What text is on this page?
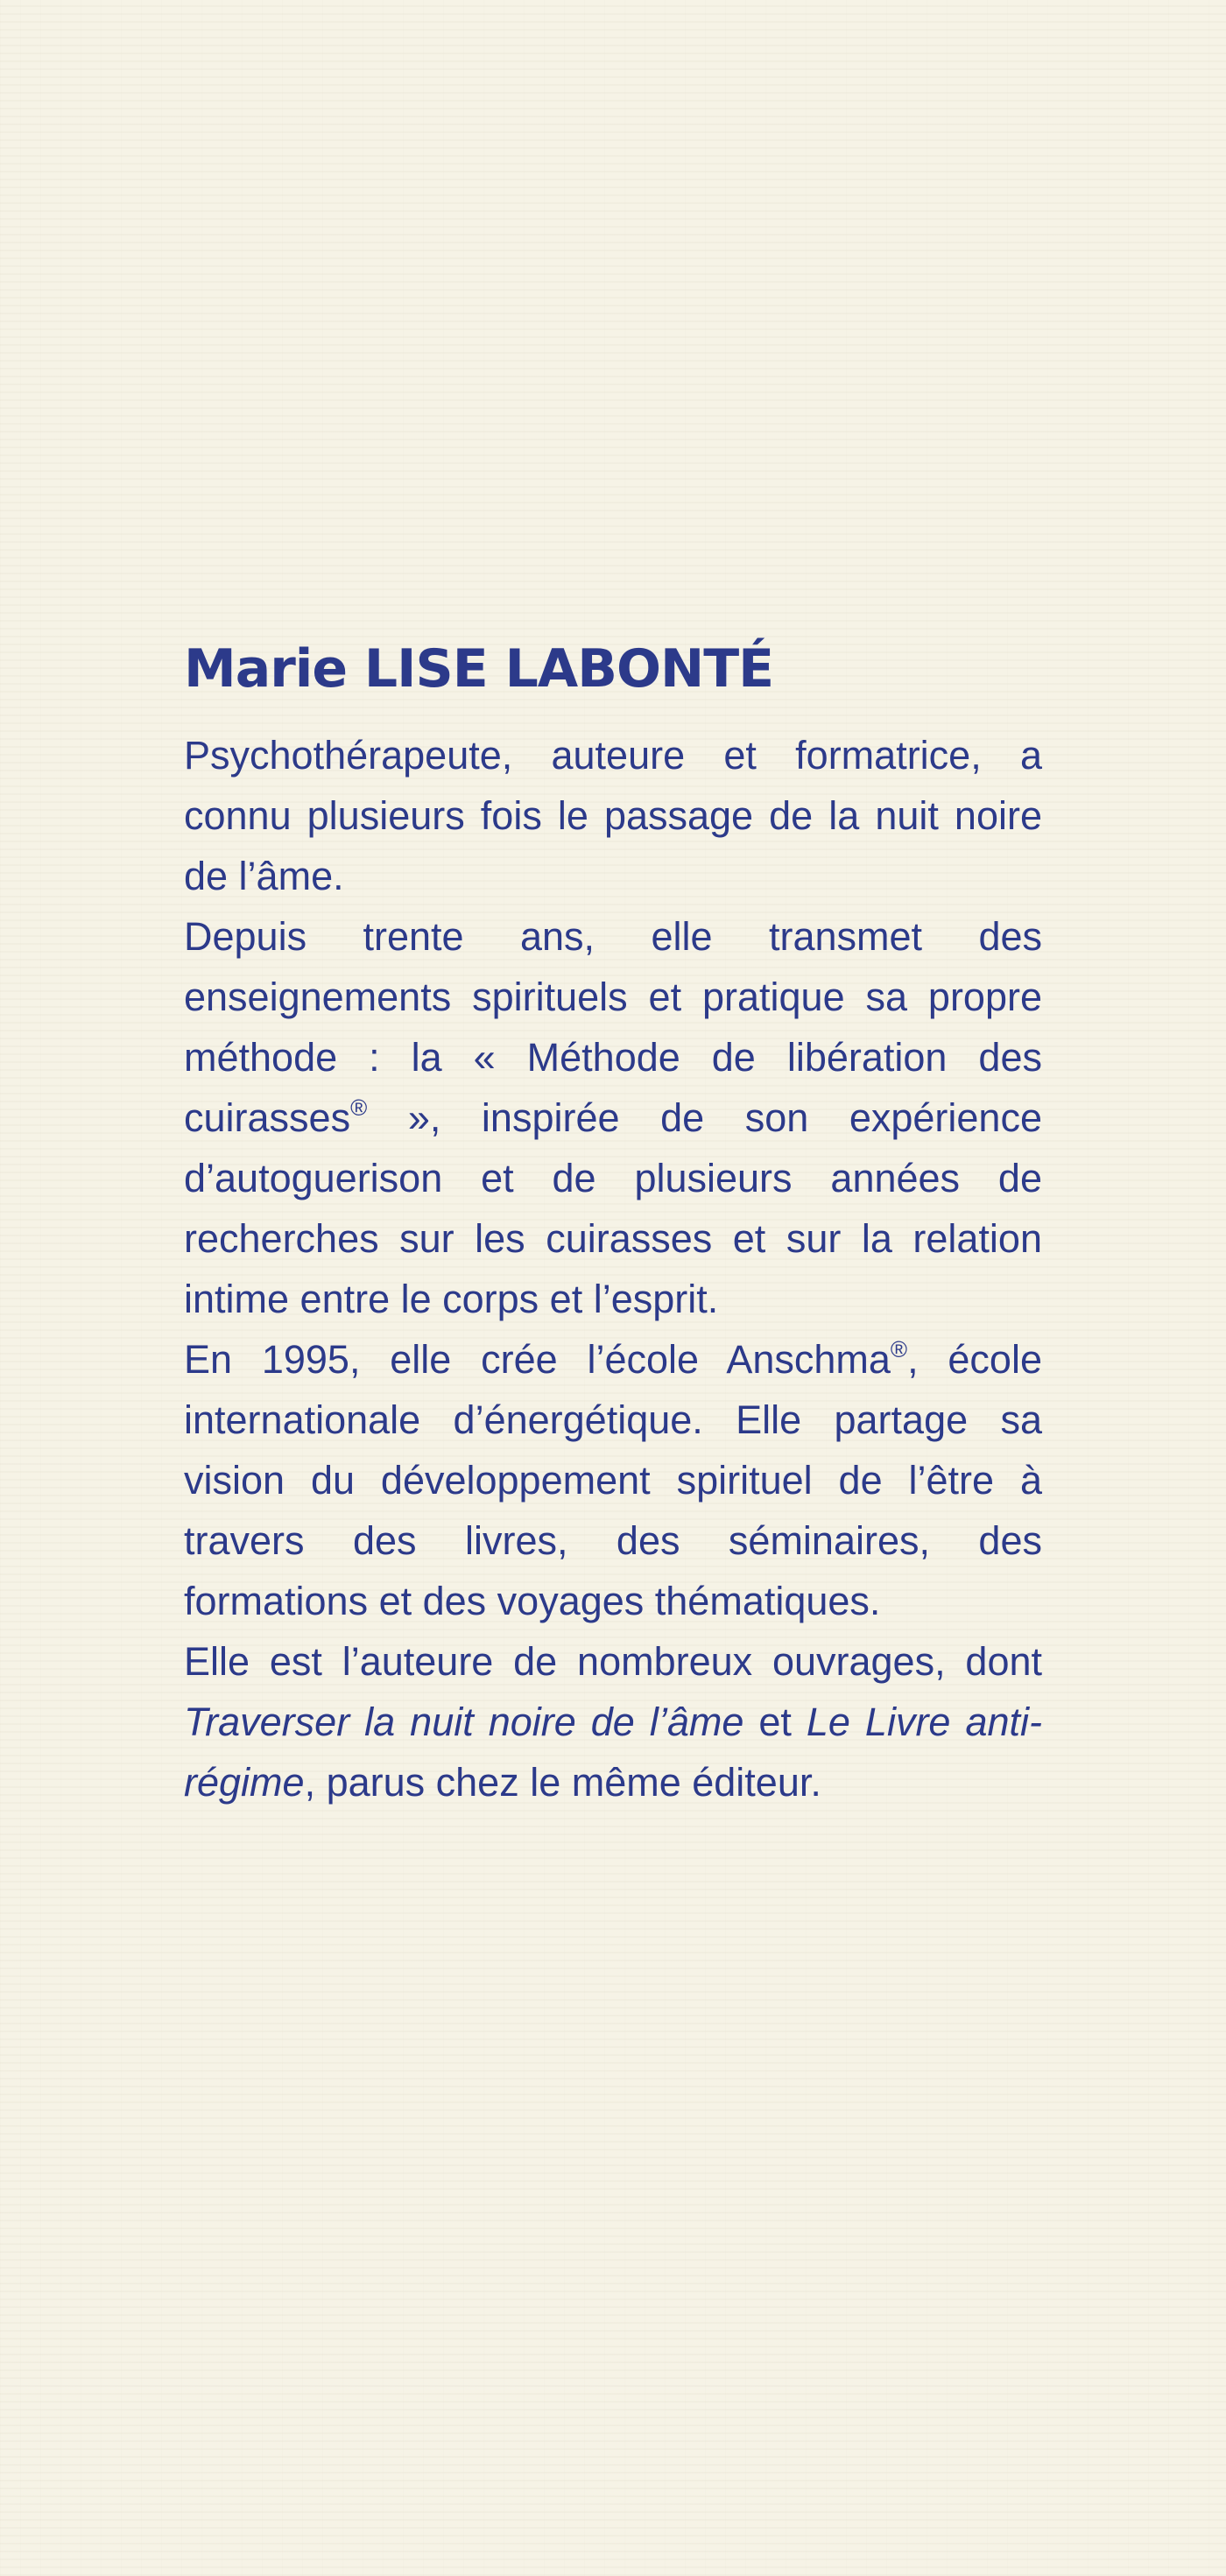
Marie LISE LABONTÉ

Psychothérapeute, auteure et formatrice, a connu plusieurs fois le passage de la nuit noire de l’âme.

Depuis trente ans, elle transmet des enseignements spirituels et pratique sa propre méthode : la « Méthode de libération des cuirasses® », inspirée de son expérience d’autoguerison et de plusieurs années de recherches sur les cuirasses et sur la relation intime entre le corps et l’esprit.

En 1995, elle crée l’école Anschma®, école internationale d’énergétique. Elle partage sa vision du développement spirituel de l’être à travers des livres, des séminaires, des formations et des voyages thématiques.

Elle est l’auteure de nombreux ouvrages, dont Traverser la nuit noire de l’âme et Le Livre anti-régime, parus chez le même éditeur.
